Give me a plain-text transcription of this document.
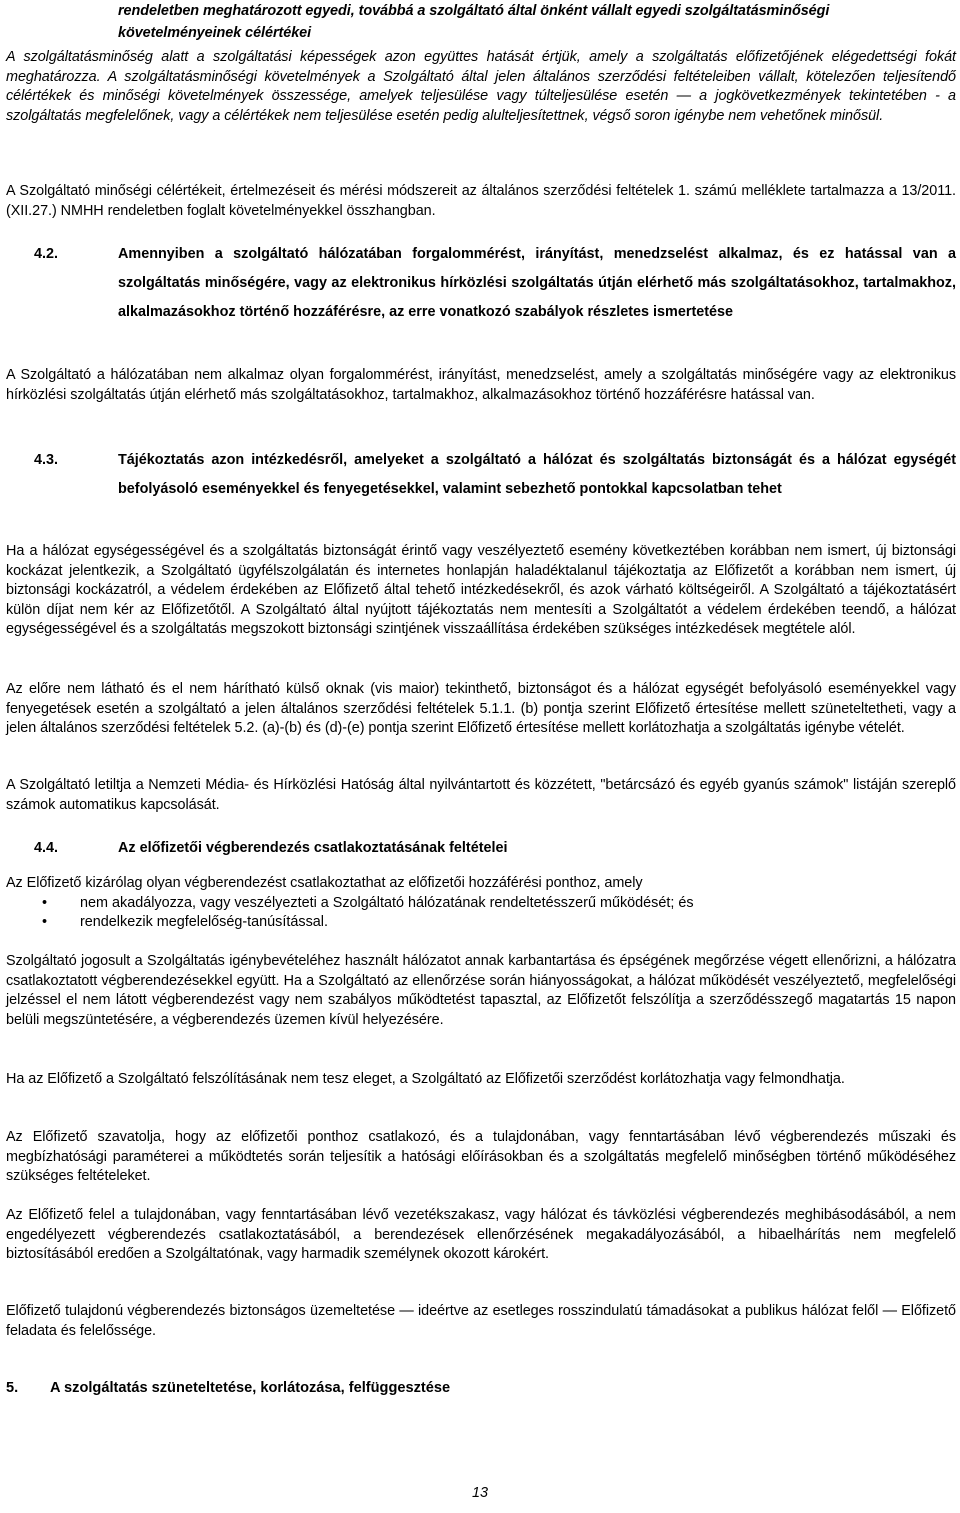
rendeletben meghatározott egyedi, továbbá a szolgáltató által önként vállalt egyedi szolgáltatásminőségi követelményeinek célértékei

A szolgáltatásminőség alatt a szolgáltatási képességek azon együttes hatását értjük, amely a szolgáltatás előfizetőjének elégedettségi fokát meghatározza. A szolgáltatásminőségi követelmények a Szolgáltató által jelen általános szerződési feltételeiben vállalt, kötelezően teljesítendő célértékek és minőségi követelmények összessége, amelyek teljesülése vagy túlteljesülése esetén — a jogkövetkezmények tekintetében - a szolgáltatás megfelelőnek, vagy a célértékek nem teljesülése esetén pedig alulteljesítettnek, végső soron igénybe nem vehetőnek minősül.

A Szolgáltató minőségi célértékeit, értelmezéseit és mérési módszereit az általános szerződési feltételek 1. számú melléklete tartalmazza a 13/2011. (XII.27.) NMHH rendeletben foglalt követelményekkel összhangban.

4.2.	Amennyiben a szolgáltató hálózatában forgalommérést, irányítást, menedzselést alkalmaz, és ez hatással van a szolgáltatás minőségére, vagy az elektronikus hírközlési szolgáltatás útján elérhető más szolgáltatásokhoz, tartalmakhoz, alkalmazásokhoz történő hozzáférésre, az erre vonatkozó szabályok részletes ismertetése

A Szolgáltató a hálózatában nem alkalmaz olyan forgalommérést, irányítást, menedzselést, amely a szolgáltatás minőségére vagy az elektronikus hírközlési szolgáltatás útján elérhető más szolgáltatásokhoz, tartalmakhoz, alkalmazásokhoz történő hozzáférésre hatással van.

4.3.	Tájékoztatás azon intézkedésről, amelyeket a szolgáltató a hálózat és szolgáltatás biztonságát és a hálózat egységét befolyásoló eseményekkel és fenyegetésekkel, valamint sebezhető pontokkal kapcsolatban tehet

Ha a hálózat egységességével és a szolgáltatás biztonságát érintő vagy veszélyeztető esemény következtében korábban nem ismert, új biztonsági kockázat jelentkezik, a Szolgáltató ügyfélszolgálatán és internetes honlapján haladéktalanul tájékoztatja az Előfizetőt a korábban nem ismert, új biztonsági kockázatról, a védelem érdekében az Előfizető által tehető intézkedésekről, és azok várható költségeiről. A Szolgáltató a tájékoztatásért külön díjat nem kér az Előfizetőtől. A Szolgáltató által nyújtott tájékoztatás nem mentesíti a Szolgáltatót a védelem érdekében teendő, a hálózat egységességével és a szolgáltatás megszokott biztonsági szintjének visszaállítása érdekében szükséges intézkedések megtétele alól.

Az előre nem látható és el nem hárítható külső oknak (vis maior) tekinthető, biztonságot és a hálózat egységét befolyásoló eseményekkel vagy fenyegetések esetén a szolgáltató a jelen általános szerződési feltételek 5.1.1. (b) pontja szerint Előfizető értesítése mellett szüneteltetheti, vagy a jelen általános szerződési feltételek 5.2. (a)-(b) és (d)-(e) pontja szerint Előfizető értesítése mellett korlátozhatja a szolgáltatás igénybe vételét.

A Szolgáltató letiltja a Nemzeti Média- és Hírközlési Hatóság által nyilvántartott és közzétett, "betárcsázó és egyéb gyanús számok" listáján szereplő számok automatikus kapcsolását.

4.4.	Az előfizetői végberendezés csatlakoztatásának feltételei

Az Előfizető kizárólag olyan végberendezést csatlakoztathat az előfizetői hozzáférési ponthoz, amely

•	nem akadályozza, vagy veszélyezteti a Szolgáltató hálózatának rendeltetésszerű működését; és
•	rendelkezik megfelelőség-tanúsítással.

Szolgáltató jogosult a Szolgáltatás igénybevételéhez használt hálózatot annak karbantartása és épségének megőrzése végett ellenőrizni, a hálózatra csatlakoztatott végberendezésekkel együtt. Ha a Szolgáltató az ellenőrzése során hiányosságokat, a hálózat működését veszélyeztető, megfelelőségi jelzéssel el nem látott végberendezést vagy nem szabályos működtetést tapasztal, az Előfizetőt felszólítja a szerződésszegő magatartás 15 napon belüli megszüntetésére, a végberendezés üzemen kívül helyezésére.

Ha az Előfizető a Szolgáltató felszólításának nem tesz eleget, a Szolgáltató az Előfizetői szerződést korlátozhatja vagy felmondhatja.

Az Előfizető szavatolja, hogy az előfizetői ponthoz csatlakozó, és a tulajdonában, vagy fenntartásában lévő végberendezés műszaki és megbízhatósági paraméterei a működtetés során teljesítik a hatósági előírásokban és a szolgáltatás megfelelő minőségben történő működéséhez szükséges feltételeket.

Az Előfizető felel a tulajdonában, vagy fenntartásában lévő vezetékszakasz, vagy hálózat és távközlési végberendezés meghibásodásából, a nem engedélyezett végberendezés csatlakoztatásából, a berendezések ellenőrzésének megakadályozásából, a hibaelhárítás nem megfelelő biztosításából eredően a Szolgáltatónak, vagy harmadik személynek okozott károkért.

Előfizető tulajdonú végberendezés biztonságos üzemeltetése — ideértve az esetleges rosszindulatú támadásokat a publikus hálózat felől — Előfizető feladata és felelőssége.

5.	A szolgáltatás szüneteltetése, korlátozása, felfüggesztése
13
